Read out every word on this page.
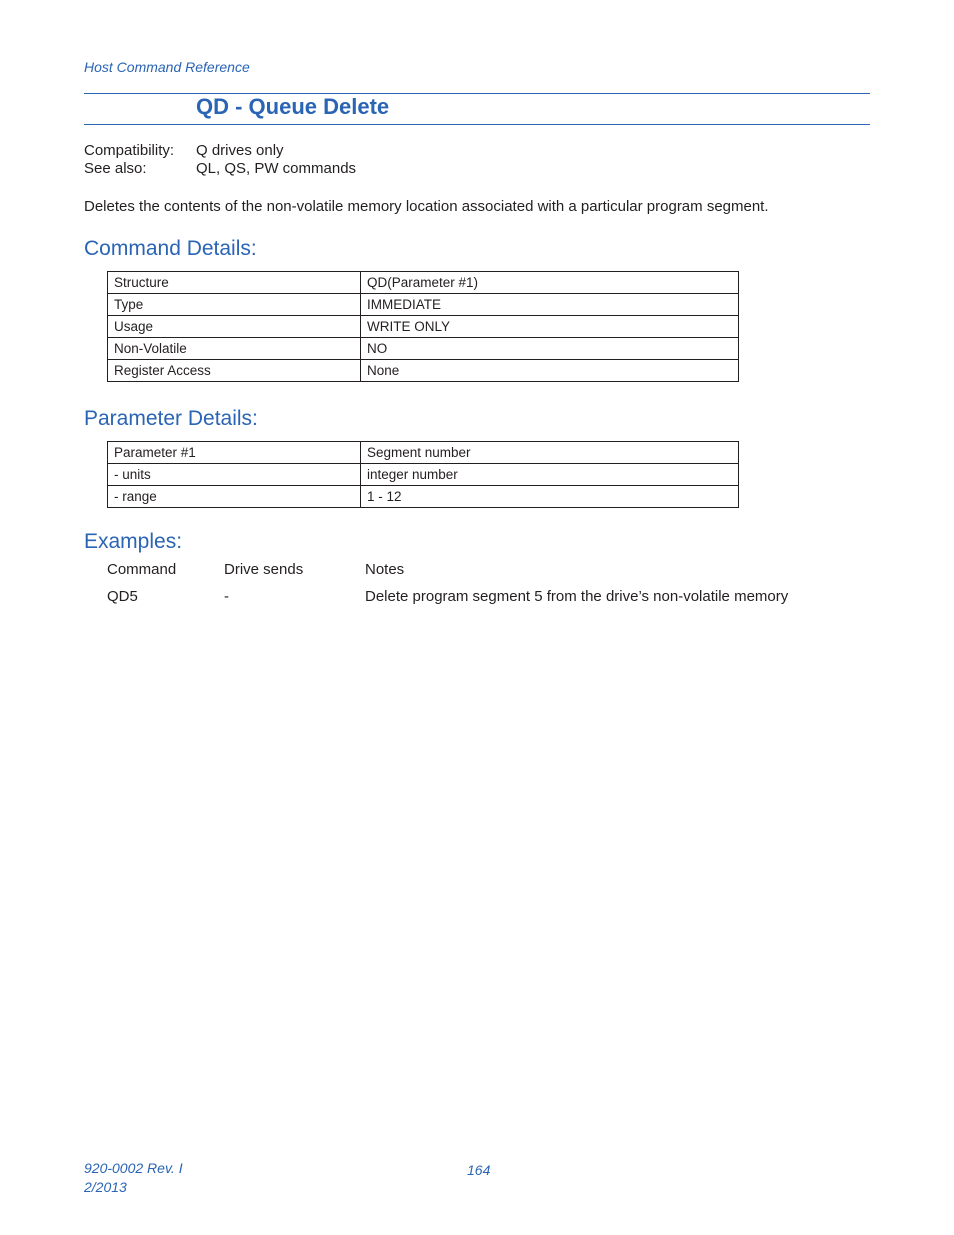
Host Command Reference
QD - Queue Delete
Compatibility: Q drives only
See also:	QL, QS, PW commands
Deletes the contents of the non-volatile memory location associated with a particular program segment.
Command Details:
Structure	QD(Parameter #1)
Type	IMMEDIATE
Usage	WRITE ONLY
Non-Volatile	NO
Register Access	None
Parameter Details:
Parameter #1	Segment number
- units	integer number
- range	1 - 12
Examples:
Command	Drive sends	Notes
QD5	-	Delete program segment 5 from the drive’s non-volatile memory
920-0002 Rev. I
2/2013
164
